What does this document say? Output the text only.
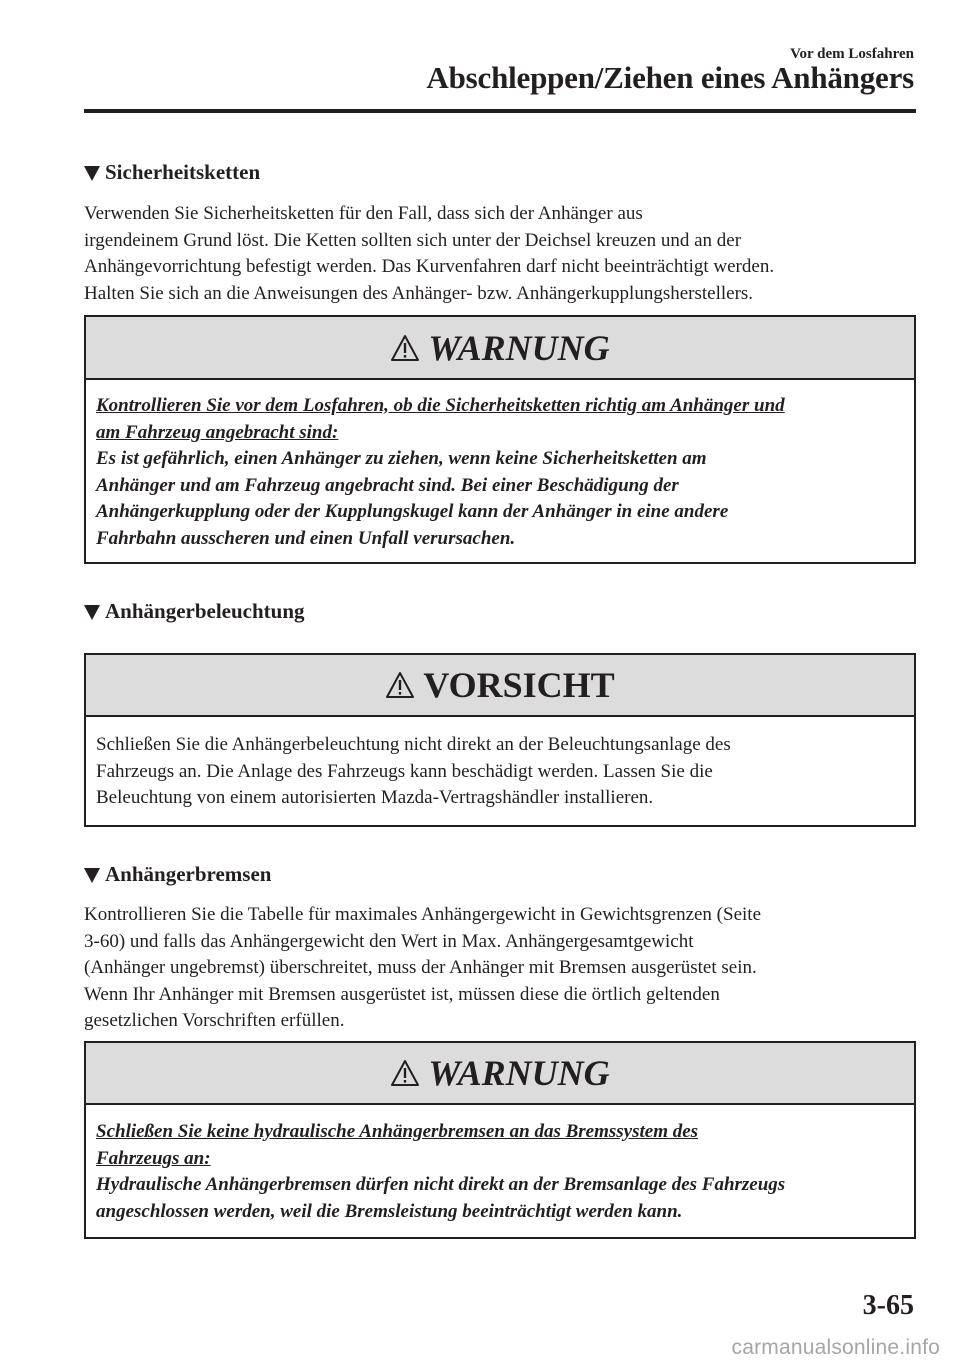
Vor dem Losfahren
Abschleppen/Ziehen eines Anhängers
Sicherheitsketten

Verwenden Sie Sicherheitsketten für den Fall, dass sich der Anhänger aus

irgendeinem Grund löst. Die Ketten sollten sich unter der Deichsel kreuzen und an der

Anhängevorrichtung befestigt werden. Das Kurvenfahren darf nicht beeinträchtigt werden.

Halten Sie sich an die Anweisungen des Anhänger- bzw. Anhängerkupplungsherstellers.

WARNUNG

Kontrollieren Sie vor dem Losfahren, ob die Sicherheitsketten richtig am Anhänger und

am Fahrzeug angebracht sind:

Es ist gefährlich, einen Anhänger zu ziehen, wenn keine Sicherheitsketten am

Anhänger und am Fahrzeug angebracht sind. Bei einer Beschädigung der

Anhängerkupplung oder der Kupplungskugel kann der Anhänger in eine andere

Fahrbahn ausscheren und einen Unfall verursachen.

Anhängerbeleuchtung
VORSICHT

Schließen Sie die Anhängerbeleuchtung nicht direkt an der Beleuchtungsanlage des

Fahrzeugs an. Die Anlage des Fahrzeugs kann beschädigt werden. Lassen Sie die

Beleuchtung von einem autorisierten Mazda-Vertragshändler installieren.

Anhängerbremsen

Kontrollieren Sie die Tabelle für maximales Anhängergewicht in Gewichtsgrenzen (Seite

3-60) und falls das Anhängergewicht den Wert in Max. Anhängergesamtgewicht

(Anhänger ungebremst) überschreitet, muss der Anhänger mit Bremsen ausgerüstet sein.

Wenn Ihr Anhänger mit Bremsen ausgerüstet ist, müssen diese die örtlich geltenden

gesetzlichen Vorschriften erfüllen.

WARNUNG

Schließen Sie keine hydraulische Anhängerbremsen an das Bremssystem des

Fahrzeugs an:

Hydraulische Anhängerbremsen dürfen nicht direkt an der Bremsanlage des Fahrzeugs

angeschlossen werden, weil die Bremsleistung beeinträchtigt werden kann.

3-65
carmanualsonline.info
